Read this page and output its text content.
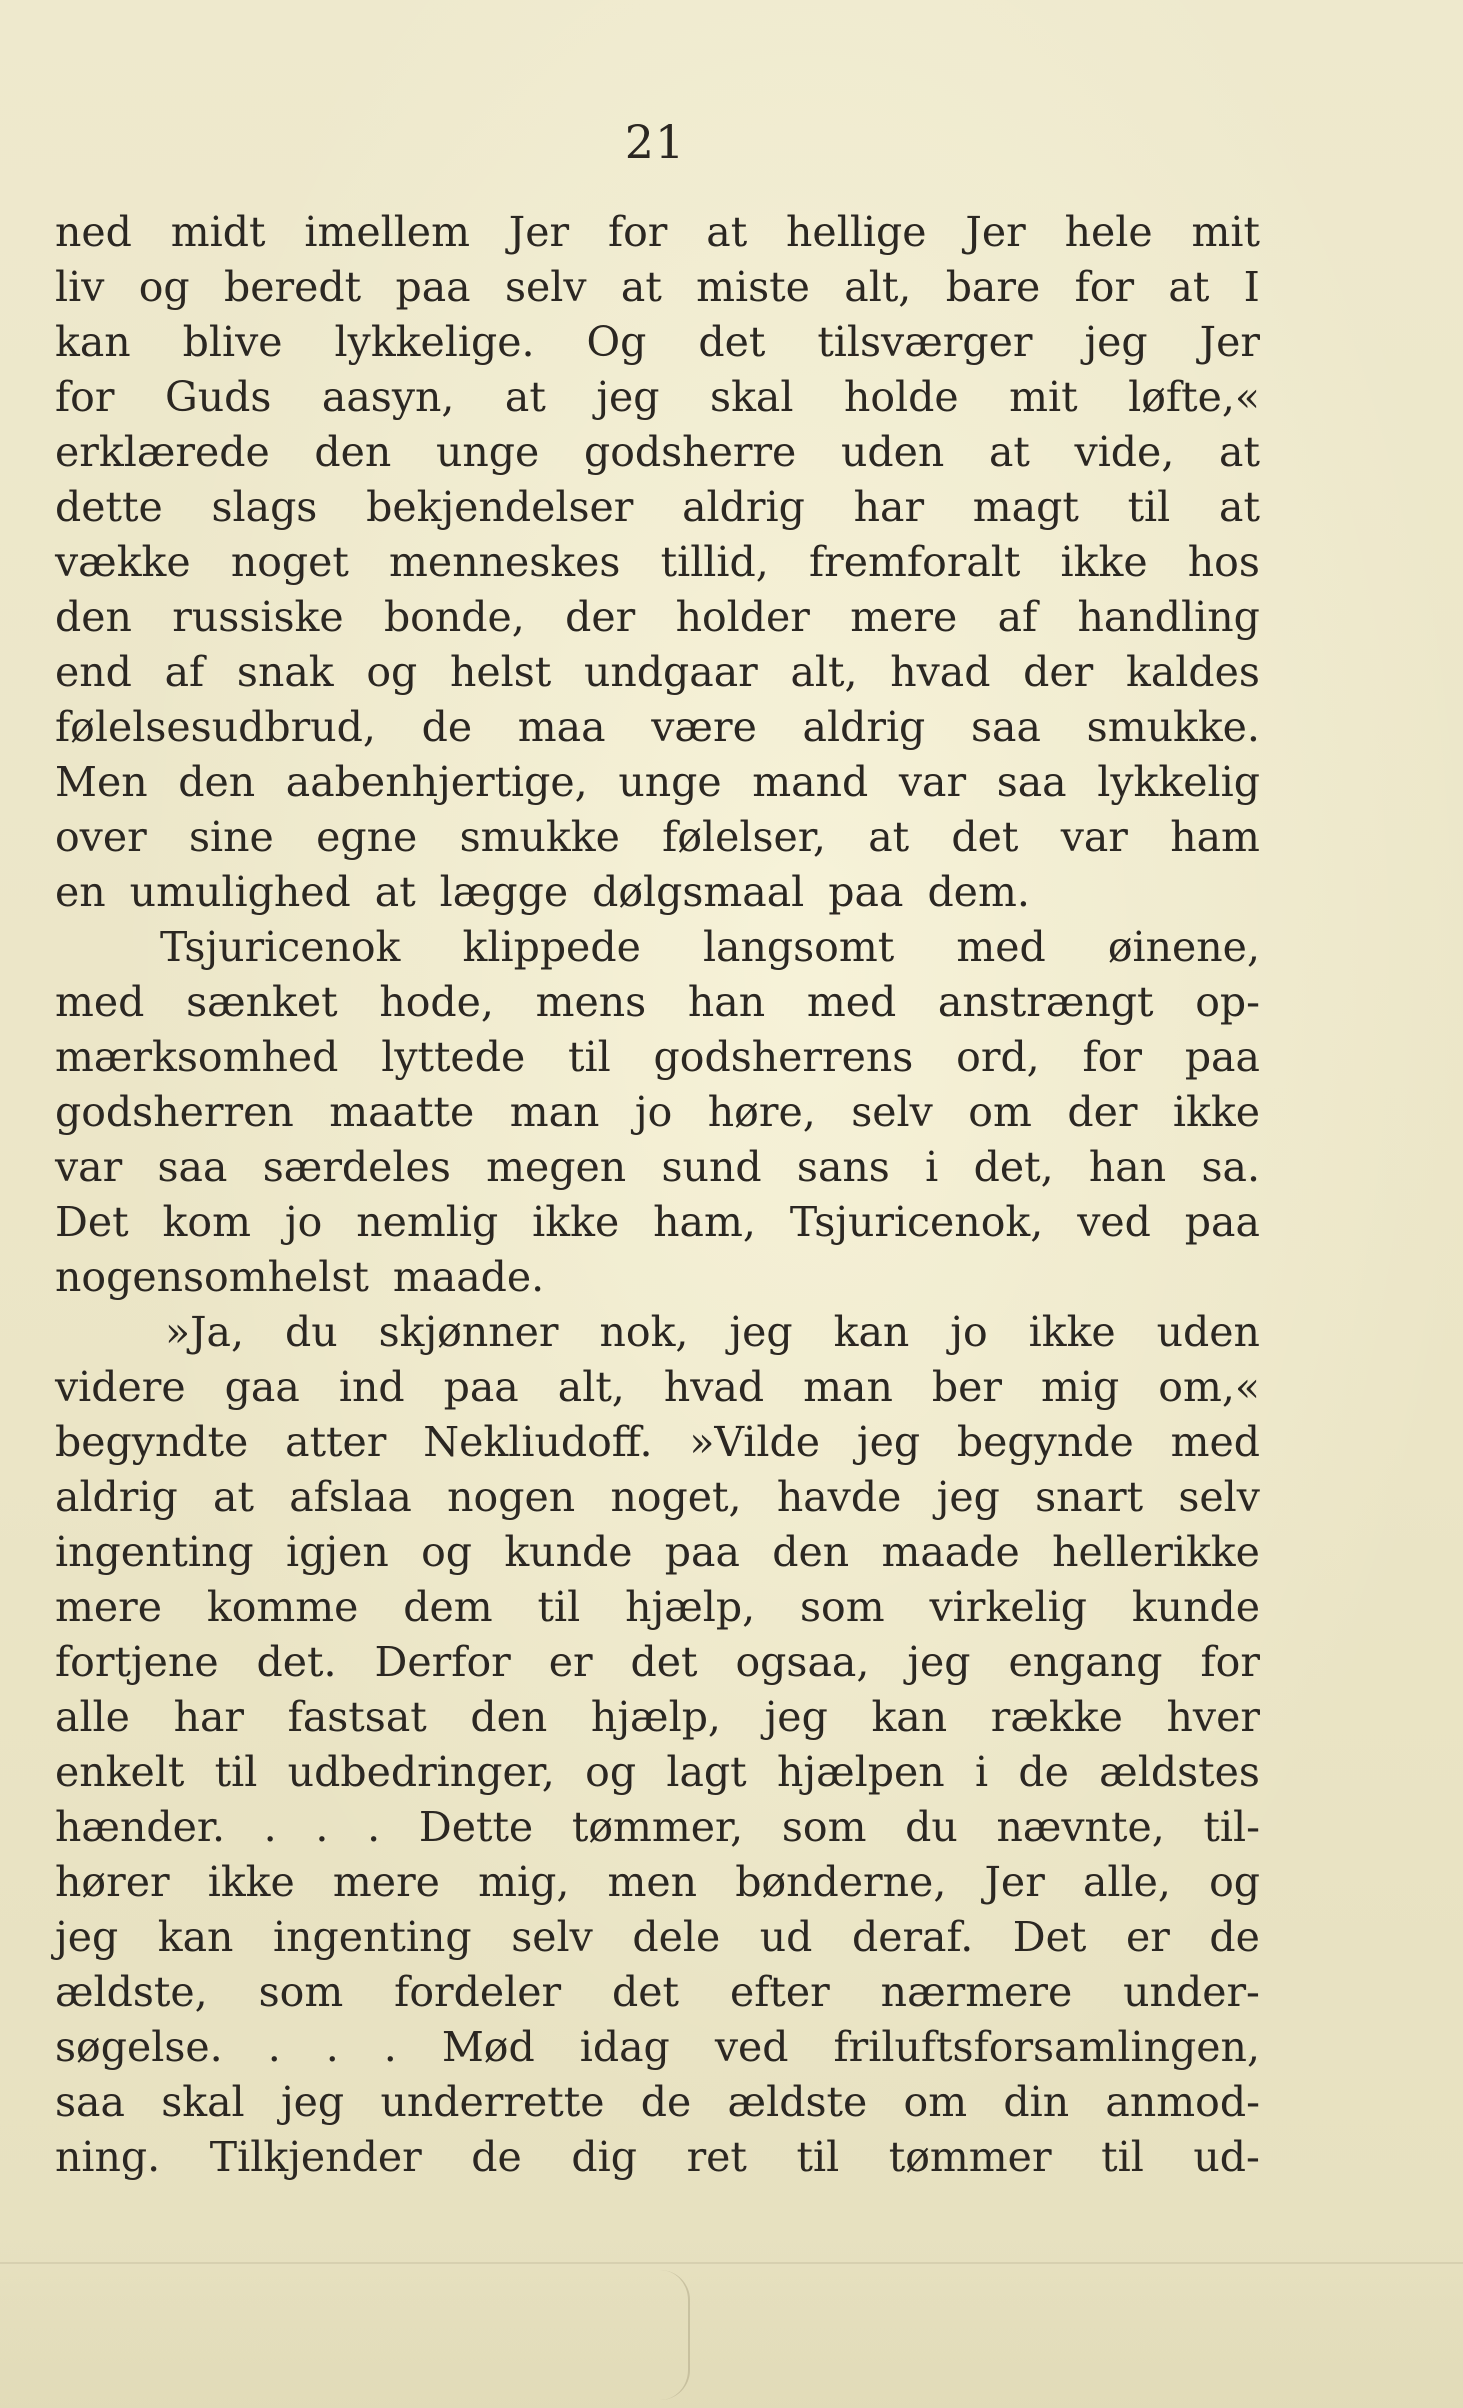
21
ned midt imellem Jer for at hellige Jer hele mit
liv og beredt paa selv at miste alt, bare for at I
kan blive lykkelige. Og det tilsværger jeg Jer
for Guds aasyn, at jeg skal holde mit løfte,«
erklærede den unge godsherre uden at vide, at
dette slags bekjendelser aldrig har magt til at
vække noget menneskes tillid, fremforalt ikke hos
den russiske bonde, der holder mere af handling
end af snak og helst undgaar alt, hvad der kaldes
følelsesudbrud, de maa være aldrig saa smukke.
Men den aabenhjertige, unge mand var saa lykkelig
over sine egne smukke følelser, at det var ham
en umulighed at lægge dølgsmaal paa dem.
Tsjuricenok klippede langsomt med øinene,
med sænket hode, mens han med anstrængt op-
mærksomhed lyttede til godsherrens ord, for paa
godsherren maatte man jo høre, selv om der ikke
var saa særdeles megen sund sans i det, han sa.
Det kom jo nemlig ikke ham, Tsjuricenok, ved paa
nogensomhelst maade.
»Ja, du skjønner nok, jeg kan jo ikke uden
videre gaa ind paa alt, hvad man ber mig om,«
begyndte atter Nekliudoff. »Vilde jeg begynde med
aldrig at afslaa nogen noget, havde jeg snart selv
ingenting igjen og kunde paa den maade hellerikke
mere komme dem til hjælp, som virkelig kunde
fortjene det. Derfor er det ogsaa, jeg engang for
alle har fastsat den hjælp, jeg kan række hver
enkelt til udbedringer, og lagt hjælpen i de ældstes
hænder. . . . Dette tømmer, som du nævnte, til-
hører ikke mere mig, men bønderne, Jer alle, og
jeg kan ingenting selv dele ud deraf. Det er de
ældste, som fordeler det efter nærmere under-
søgelse. . . . Mød idag ved friluftsforsamlingen,
saa skal jeg underrette de ældste om din anmod-
ning. Tilkjender de dig ret til tømmer til ud-
